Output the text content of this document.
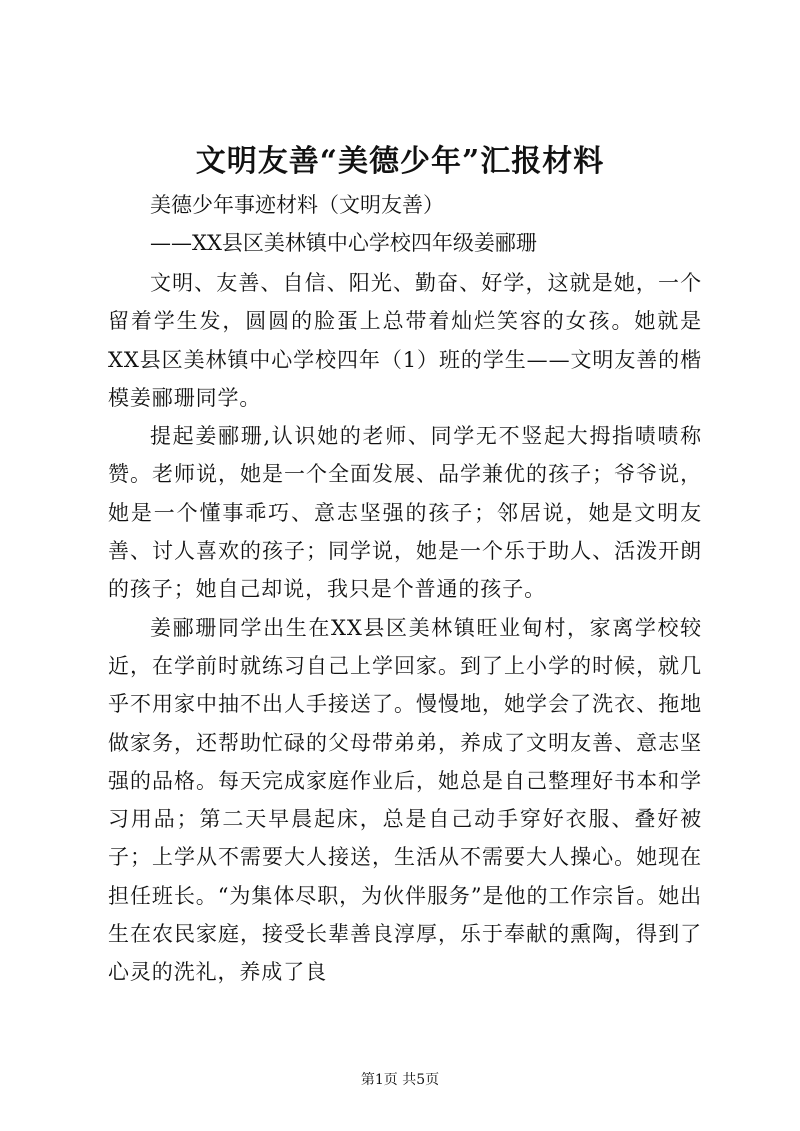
文明友善“美德少年”汇报材料
美德少年事迹材料（文明友善）
——XX县区美林镇中心学校四年级姜郦珊

文明、友善、自信、阳光、勤奋、好学，这就是她，一个留着学生发，圆圆的脸蛋上总带着灿烂笑容的女孩。她就是XX县区美林镇中心学校四年（1）班的学生——文明友善的楷模姜郦珊同学。

提起姜郦珊,认识她的老师、同学无不竖起大拇指啧啧称赞。老师说，她是一个全面发展、品学兼优的孩子；爷爷说，她是一个懂事乖巧、意志坚强的孩子；邻居说，她是文明友善、讨人喜欢的孩子；同学说，她是一个乐于助人、活泼开朗的孩子；她自己却说，我只是个普通的孩子。

姜郦珊同学出生在XX县区美林镇旺业甸村，家离学校较近，在学前时就练习自己上学回家。到了上小学的时候，就几乎不用家中抽不出人手接送了。慢慢地，她学会了洗衣、拖地做家务，还帮助忙碌的父母带弟弟，养成了文明友善、意志坚强的品格。每天完成家庭作业后，她总是自己整理好书本和学习用品；第二天早晨起床，总是自己动手穿好衣服、叠好被子；上学从不需要大人接送，生活从不需要大人操心。她现在担任班长。“为集体尽职，为伙伴服务”是他的工作宗旨。她出生在农民家庭，接受长辈善良淳厚，乐于奉献的熏陶，得到了心灵的洗礼，养成了良

第1页 共5页
